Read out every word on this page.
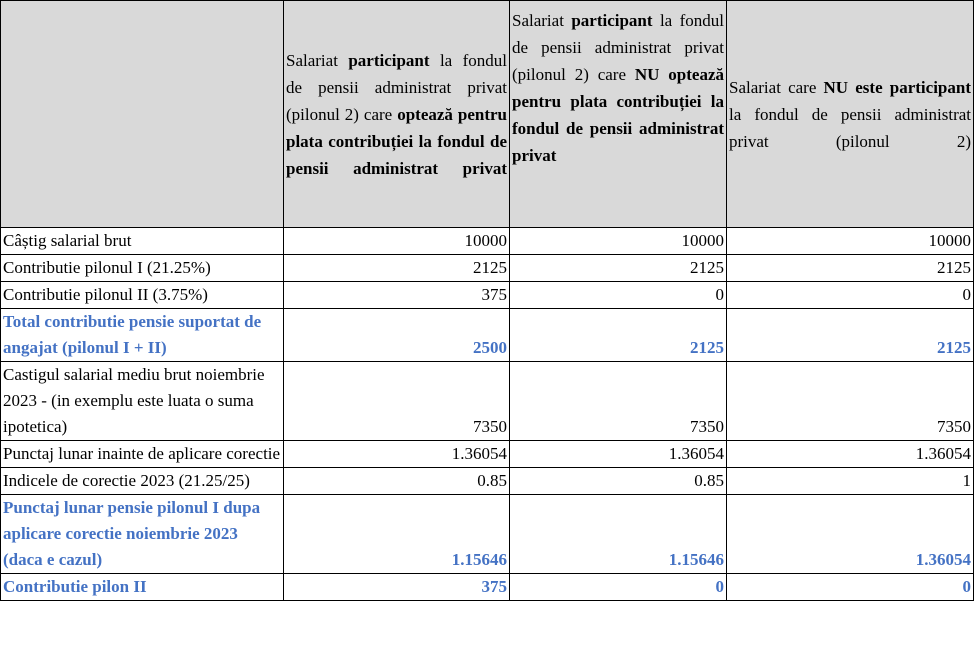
	Salariat participant la fondul de pensii administrat privat (pilonul 2) care optează pentru plata contribuției la fondul de pensii administrat privat	Salariat participant la fondul de pensii administrat privat (pilonul 2) care NU optează pentru plata contribuției la fondul de pensii administrat privat	Salariat care NU este participant la fondul de pensii administrat privat (pilonul 2)
Câștig salarial brut	10000	10000	10000
Contributie pilonul I (21.25%)	2125	2125	2125
Contributie pilonul II (3.75%)	375	0	0
Total contributie pensie suportat de angajat (pilonul I + II)	2500	2125	2125
Castigul salarial mediu brut noiembrie 2023 - (in exemplu este luata o suma ipotetica)	7350	7350	7350
Punctaj lunar inainte de aplicare corectie	1.36054	1.36054	1.36054
Indicele de corectie 2023 (21.25/25)	0.85	0.85	1
Punctaj lunar pensie pilonul I dupa aplicare corectie noiembrie 2023 (daca e cazul)	1.15646	1.15646	1.36054
Contributie pilon II	375	0	0
